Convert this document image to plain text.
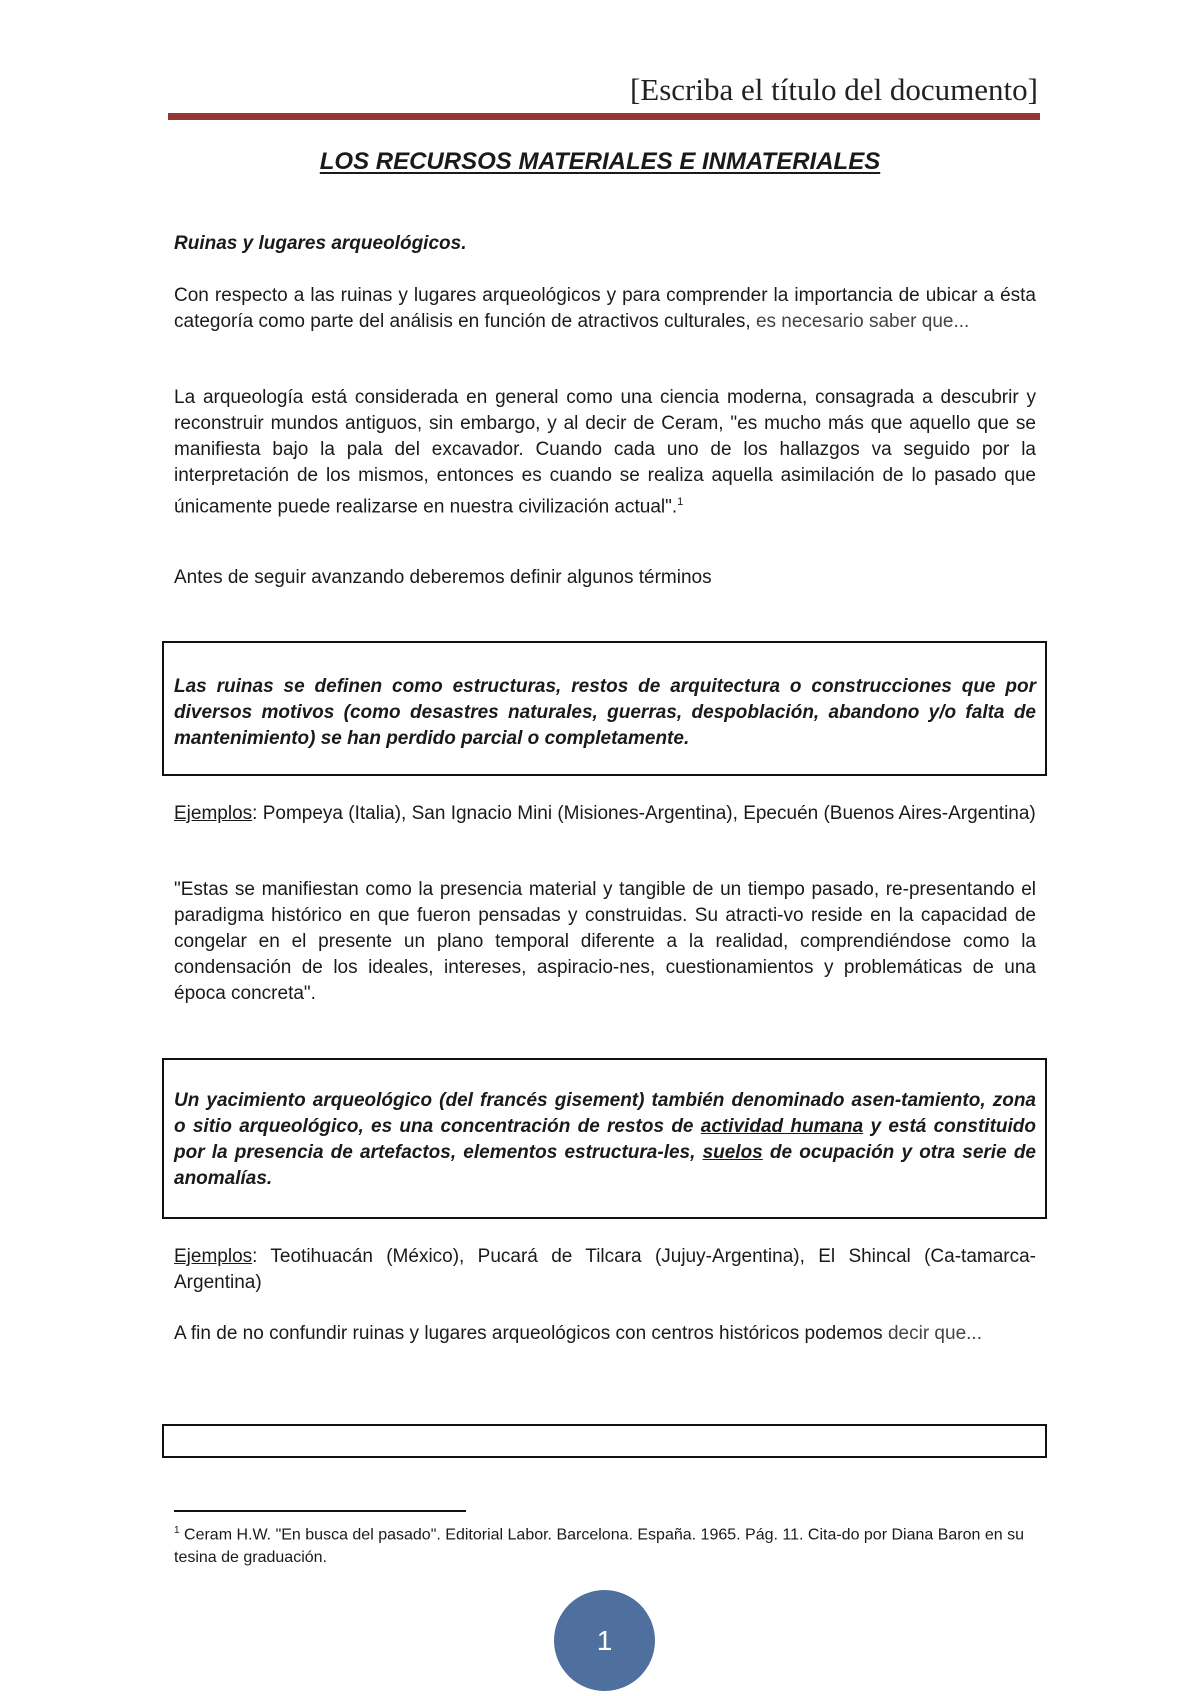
[Escriba el título del documento]
LOS RECURSOS MATERIALES E INMATERIALES
Ruinas y lugares arqueológicos.

Con respecto a las ruinas y lugares arqueológicos y para comprender la importancia de ubicar a ésta categoría como parte del análisis en función de atractivos culturales, es necesario saber que...

La arqueología está considerada en general como una ciencia moderna, consagrada a descubrir y reconstruir mundos antiguos, sin embargo, y al decir de Ceram, "es mucho más que aquello que se manifiesta bajo la pala del excavador. Cuando cada uno de los hallazgos va seguido por la interpretación de los mismos, entonces es cuando se realiza aquella asimilación de lo pasado que únicamente puede realizarse en nuestra civilización actual".$^1$

Antes de seguir avanzando deberemos definir algunos términos

Las ruinas se definen como estructuras, restos de arquitectura o construcciones que por diversos motivos (como desastres naturales, guerras, despoblación, abandono y/o falta de mantenimiento) se han perdido parcial o completamente.

Ejemplos: Pompeya (Italia), San Ignacio Mini (Misiones-Argentina), Epecuén (Buenos Aires-Argentina)

"Estas se manifiestan como la presencia material y tangible de un tiempo pasado, re-presentando el paradigma histórico en que fueron pensadas y construidas. Su atracti-vo reside en la capacidad de congelar en el presente un plano temporal diferente a la realidad, comprendiéndose como la condensación de los ideales, intereses, aspiracio-nes, cuestionamientos y problemáticas de una época concreta".

Un yacimiento arqueológico (del francés gisement) también denominado asen-tamiento, zona o sitio arqueológico, es una concentración de restos de actividad humana y está constituido por la presencia de artefactos, elementos estructura-les, suelos de ocupación y otra serie de anomalías.

Ejemplos: Teotihuacán (México), Pucará de Tilcara (Jujuy-Argentina), El Shincal (Ca-tamarca-Argentina)

A fin de no confundir ruinas y lugares arqueológicos con centros históricos podemos decir que...

$^1$ Ceram H.W. "En busca del pasado". Editorial Labor. Barcelona. España. 1965. Pág. 11. Cita-do por Diana Baron en su tesina de graduación.

1
